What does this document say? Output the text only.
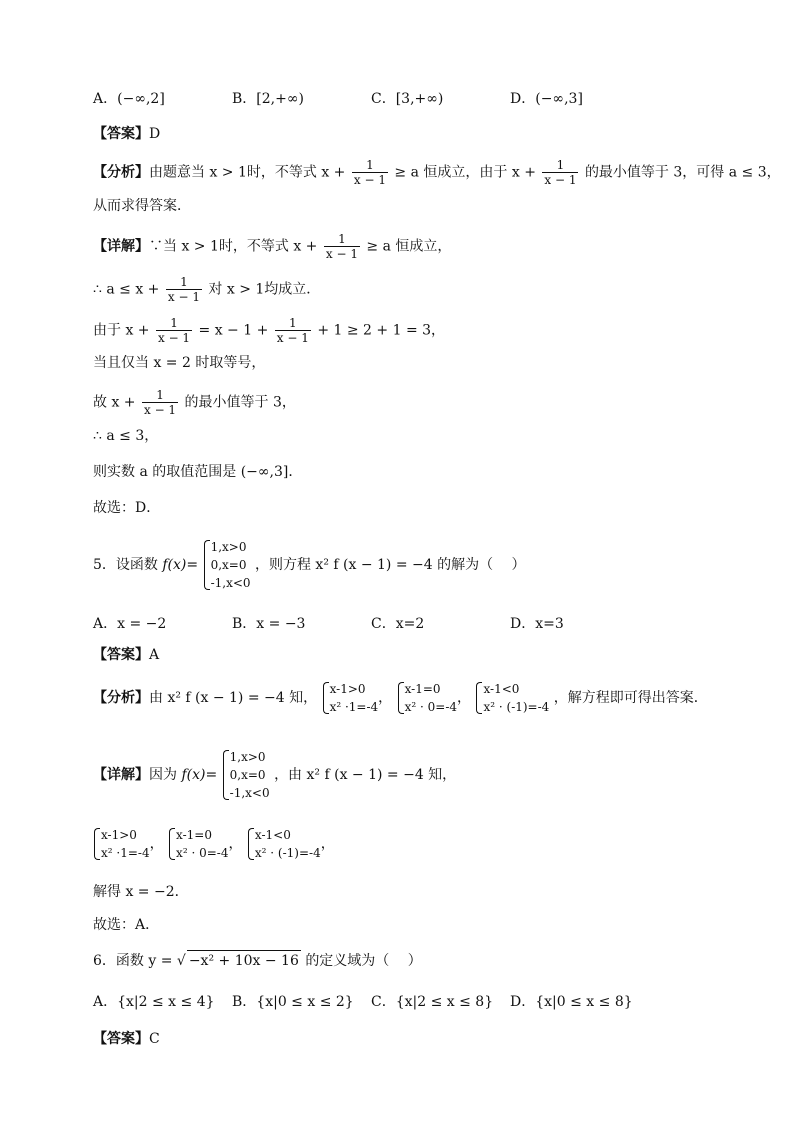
A．(−∞,2]	B．[2,+∞)	C．[3,+∞)	D．(−∞,3]
【答案】D
【分析】由题意当 x > 1时，不等式 $x + \frac{1}{x - 1} \ge a$ 恒成立，由于 $x + \frac{1}{x - 1}$ 的最小值等于 3，可得 a ≤ 3，
从而求得答案．
【详解】∵当 x > 1时，不等式 $x + \frac{1}{x - 1} \ge a$ 恒成立，
∴ $a \le x + \frac{1}{x - 1}$ 对 x > 1均成立．
由于 $x + \frac{1}{x - 1} = x - 1 + \frac{1}{x - 1} + 1 \ge 2 + 1 = 3$，
当且仅当 x = 2 时取等号，
故 $x + \frac{1}{x - 1}$ 的最小值等于 3，
∴ a ≤ 3，
则实数 a 的取值范围是 (−∞,3]．
故选：D．
5．设函数 f(x)=
1,x>0
0,x=0
-1,x<0
，则方程 x² f (x − 1) = −4 的解为（　 ）
A．x = −2	B．x = −3	C．x=2	D．x=3
【答案】A
【分析】由 x² f (x − 1) = −4 知，
x-1>0
x² ·1=-4
，
x-1=0
x² · 0=-4
，
x-1<0
x² · (-1)=-4
，解方程即可得出答案．
【详解】因为 f(x)=
1,x>0
0,x=0
-1,x<0
，由 x² f (x − 1) = −4 知，
x-1>0
x² ·1=-4
，
x-1=0
x² · 0=-4
，
x-1<0
x² · (-1)=-4
，
解得 x = −2．
故选：A．
6．函数 y = √ −x² + 10x − 16 的定义域为（　 ）
A．{x|2 ≤ x ≤ 4} B．{x|0 ≤ x ≤ 2} C．{x|2 ≤ x ≤ 8} D．{x|0 ≤ x ≤ 8}
【答案】C
